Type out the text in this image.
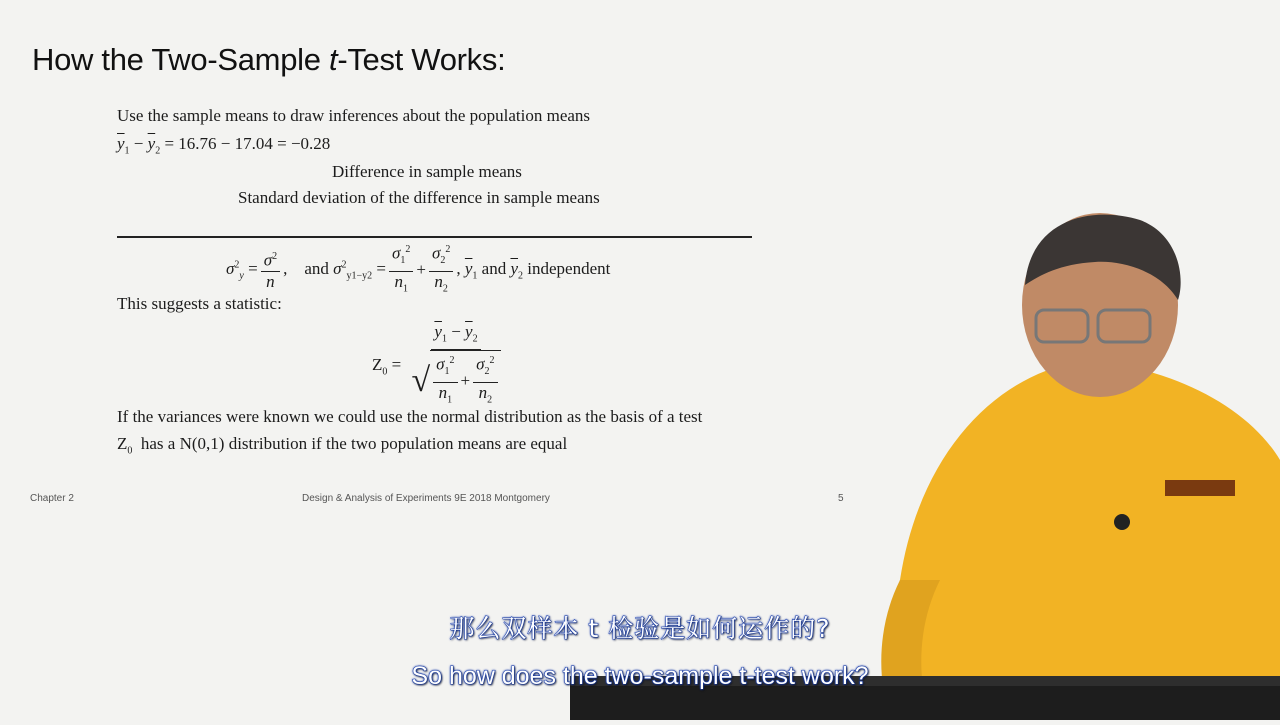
How the Two-Sample t-Test Works:
Use the sample means to draw inferences about the population means
$\overline{y}_1 - \overline{y}_2 = 16.76 - 17.04 = -0.28$
Difference in sample means
Standard deviation of the difference in sample means
$\sigma^2_y = \frac{\sigma^2}{n}$ ,    and $\sigma^2_{y1-y2} = \frac{\sigma_1^2}{n_1} + \frac{\sigma_2^2}{n_2}$ , $\overline{y}_1$ and $\overline{y}_2$ independent
This suggests a statistic:
$Z_0 = \frac{\overline{y}_1 - \overline{y}_2}{√ \frac{\sigma_1^2}{n_1} + \frac{\sigma_2^2}{n_2}}$
If the variances were known we could use the normal distribution as the basis of a test
$Z_0$ has a N(0,1) distribution if the two population means are equal
Chapter 2	Design & Analysis of Experiments 9E 2018 Montgomery	5
那么双样本 t 检验是如何运作的?
So how does the two-sample t-test work?
